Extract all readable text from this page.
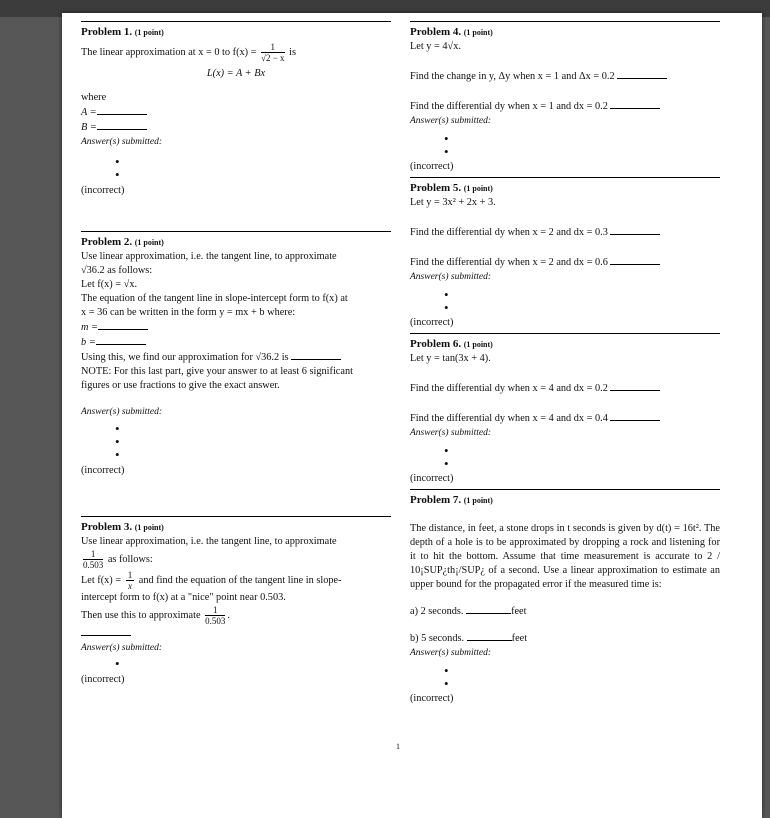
Problem 1. (1 point)
The linear approximation at x = 0 to $f(x) = \frac{1}{√2 - x}$ is
L(x) = A + Bx
where
A =
B =
Answer(s) submitted:
•
•
(incorrect)
Problem 2. (1 point)
Use linear approximation, i.e. the tangent line, to approximate
√36.2 as follows:
Let f(x) = √x.
The equation of the tangent line in slope-intercept form to f(x) at
x = 36 can be written in the form y = mx + b where:
m =
b =
Using this, we find our approximation for √36.2 is
NOTE: For this last part, give your answer to at least 6 significant
figures or use fractions to give the exact answer.
Answer(s) submitted:
•
•
•
(incorrect)
Problem 3. (1 point)
Use linear approximation, i.e. the tangent line, to approximate
$\frac{1}{0.503}$ as follows:
Let $f(x) = \frac{1}{x}$ and find the equation of the tangent line in slope-
intercept form to f(x) at a "nice" point near 0.503.
Then use this to approximate $\frac{1}{0.503}$ .
Answer(s) submitted:
•
(incorrect)
Problem 4. (1 point)
Let y = 4√x.
Find the change in y, Δy when x = 1 and Δx = 0.2
Find the differential dy when x = 1 and dx = 0.2
Answer(s) submitted:
•
•
(incorrect)
Problem 5. (1 point)
Let y = 3x² + 2x + 3.
Find the differential dy when x = 2 and dx = 0.3
Find the differential dy when x = 2 and dx = 0.6
Answer(s) submitted:
•
•
(incorrect)
Problem 6. (1 point)
Let y = tan(3x + 4).
Find the differential dy when x = 4 and dx = 0.2
Find the differential dy when x = 4 and dx = 0.4
Answer(s) submitted:
•
•
(incorrect)
Problem 7. (1 point)
The distance, in feet, a stone drops in t seconds is given by d(t) = 16t². The depth of a hole is to be approximated by dropping a rock and listening for it to hit the bottom. Assume that time measurement is accurate to 2 / 10¡SUP¿th¡/SUP¿ of a second. Use a linear approximation to estimate an upper bound for the propagated error if the measured time is:
a) 2 seconds.	feet
b) 5 seconds.	feet
Answer(s) submitted:
•
•
(incorrect)
1
